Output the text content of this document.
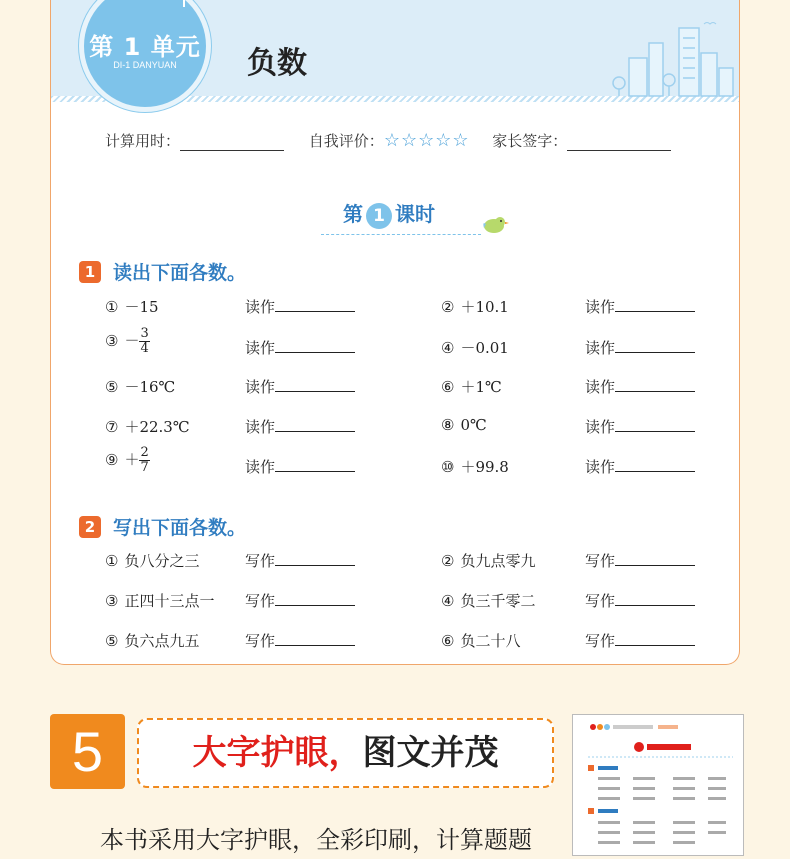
第 1 单元
DI-1 DANYUAN	负数
计算用时：	自我评价：☆☆☆☆☆ 家长签字：
第 1 课时
1 读出下面各数。
① －15	读作	② ＋10.1	读作
③ － $\frac{3}{4}$	读作	④ －0.01	读作
⑤ －16℃	读作	⑥ ＋1℃	读作
⑦ ＋22.3℃	读作	⑧ 0℃	读作
⑨ ＋ $\frac{2}{7}$	读作	⑩ ＋99.8	读作
2 写出下面各数。
① 负八分之三	写作	② 负九点零九	写作
③ 正四十三点一 写作	④ 负三千零二	写作
⑤ 负六点九五	写作	⑥ 负二十八	写作
5	大字护眼，图文并茂
本书采用大字护眼，全彩印刷，计算题题
